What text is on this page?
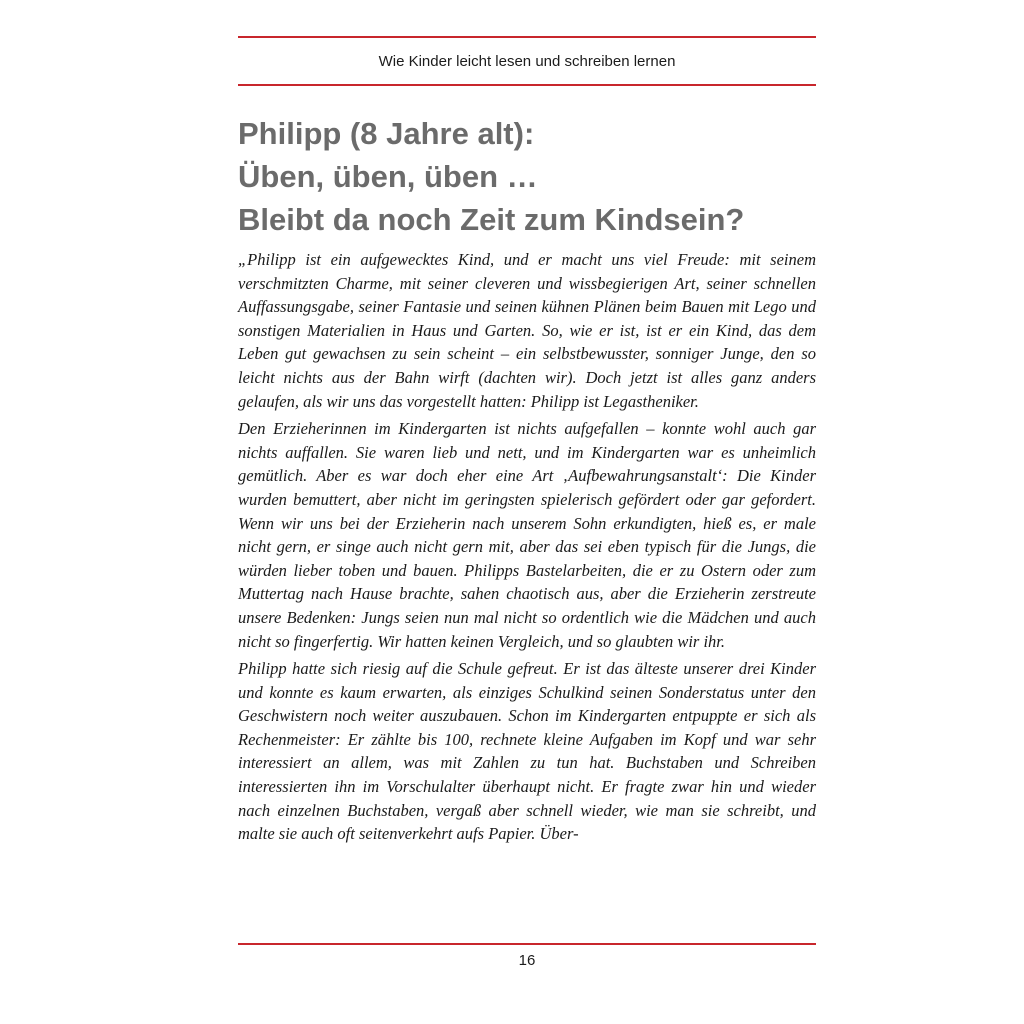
Wie Kinder leicht lesen und schreiben lernen
Philipp (8 Jahre alt):
Üben, üben, üben …
Bleibt da noch Zeit zum Kindsein?

„Philipp ist ein aufgewecktes Kind, und er macht uns viel Freude: mit seinem verschmitzten Charme, mit seiner cleveren und wissbegierigen Art, seiner schnellen Auffassungsgabe, seiner Fantasie und seinen kühnen Plänen beim Bauen mit Lego und sonstigen Materialien in Haus und Garten. So, wie er ist, ist er ein Kind, das dem Leben gut gewachsen zu sein scheint – ein selbstbewusster, sonniger Junge, den so leicht nichts aus der Bahn wirft (dachten wir). Doch jetzt ist alles ganz anders gelaufen, als wir uns das vorgestellt hatten: Philipp ist Legastheniker.

Den Erzieherinnen im Kindergarten ist nichts aufgefallen – konnte wohl auch gar nichts auffallen. Sie waren lieb und nett, und im Kindergarten war es unheimlich gemütlich. Aber es war doch eher eine Art ‚Aufbewahrungsanstalt‘: Die Kinder wurden bemuttert, aber nicht im geringsten spielerisch gefördert oder gar gefordert. Wenn wir uns bei der Erzieherin nach unserem Sohn erkundigten, hieß es, er male nicht gern, er singe auch nicht gern mit, aber das sei eben typisch für die Jungs, die würden lieber toben und bauen. Philipps Bastelarbeiten, die er zu Ostern oder zum Muttertag nach Hause brachte, sahen chaotisch aus, aber die Erzieherin zerstreute unsere Bedenken: Jungs seien nun mal nicht so ordentlich wie die Mädchen und auch nicht so fingerfertig. Wir hatten keinen Vergleich, und so glaubten wir ihr.

Philipp hatte sich riesig auf die Schule gefreut. Er ist das älteste unserer drei Kinder und konnte es kaum erwarten, als einziges Schulkind seinen Sonderstatus unter den Geschwistern noch weiter auszubauen. Schon im Kindergarten entpuppte er sich als Rechenmeister: Er zählte bis 100, rechnete kleine Aufgaben im Kopf und war sehr interessiert an allem, was mit Zahlen zu tun hat. Buchstaben und Schreiben interessierten ihn im Vorschulalter überhaupt nicht. Er fragte zwar hin und wieder nach einzelnen Buchstaben, vergaß aber schnell wieder, wie man sie schreibt, und malte sie auch oft seitenverkehrt aufs Papier. Über-

16
